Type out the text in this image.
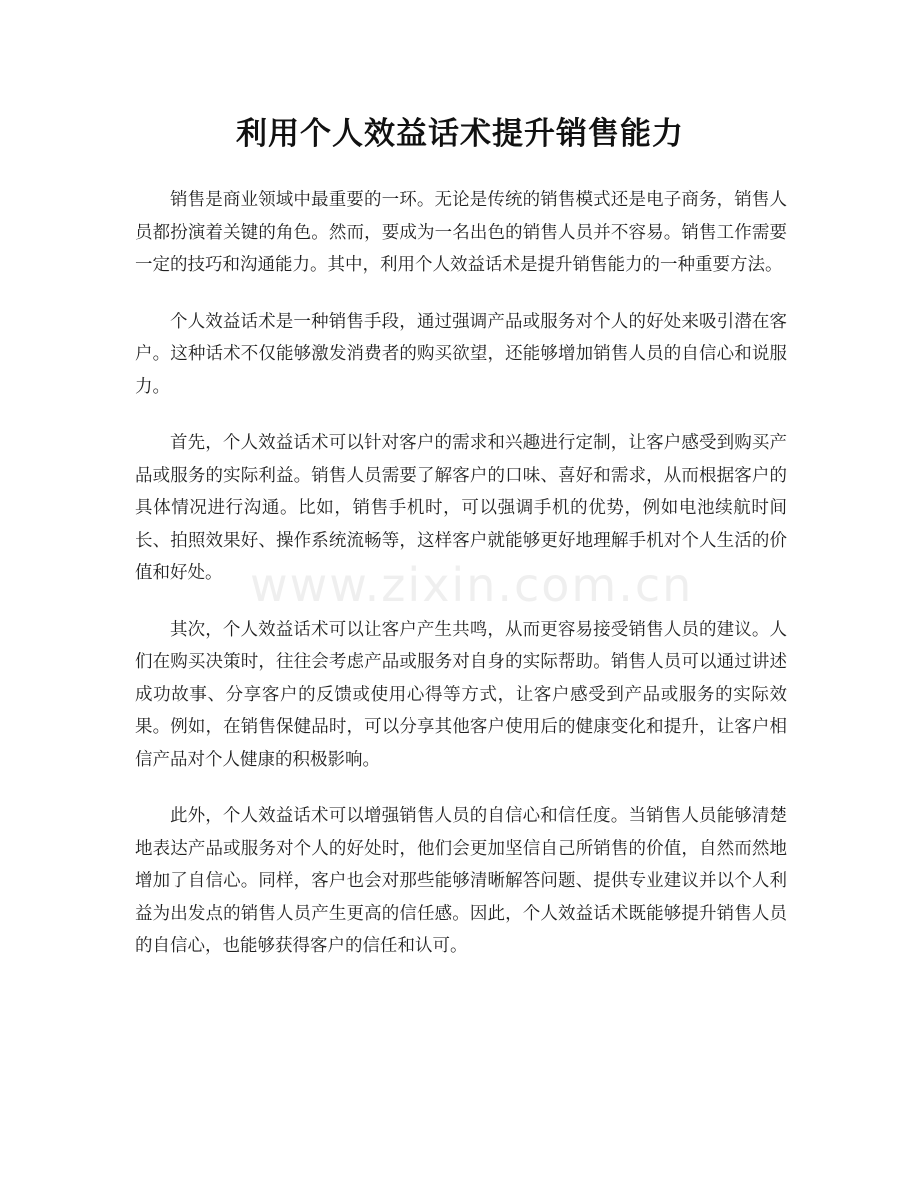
利用个人效益话术提升销售能力

销售是商业领域中最重要的一环。无论是传统的销售模式还是电子商务，销售人员都扮演着关键的角色。然而，要成为一名出色的销售人员并不容易。销售工作需要一定的技巧和沟通能力。其中，利用个人效益话术是提升销售能力的一种重要方法。

个人效益话术是一种销售手段，通过强调产品或服务对个人的好处来吸引潜在客户。这种话术不仅能够激发消费者的购买欲望，还能够增加销售人员的自信心和说服力。

首先，个人效益话术可以针对客户的需求和兴趣进行定制，让客户感受到购买产品或服务的实际利益。销售人员需要了解客户的口味、喜好和需求，从而根据客户的具体情况进行沟通。比如，销售手机时，可以强调手机的优势，例如电池续航时间长、拍照效果好、操作系统流畅等，这样客户就能够更好地理解手机对个人生活的价值和好处。

其次，个人效益话术可以让客户产生共鸣，从而更容易接受销售人员的建议。人们在购买决策时，往往会考虑产品或服务对自身的实际帮助。销售人员可以通过讲述成功故事、分享客户的反馈或使用心得等方式，让客户感受到产品或服务的实际效果。例如，在销售保健品时，可以分享其他客户使用后的健康变化和提升，让客户相信产品对个人健康的积极影响。

此外，个人效益话术可以增强销售人员的自信心和信任度。当销售人员能够清楚地表达产品或服务对个人的好处时，他们会更加坚信自己所销售的价值，自然而然地增加了自信心。同样，客户也会对那些能够清晰解答问题、提供专业建议并以个人利益为出发点的销售人员产生更高的信任感。因此，个人效益话术既能够提升销售人员的自信心，也能够获得客户的信任和认可。

www.zixin.com.cn
